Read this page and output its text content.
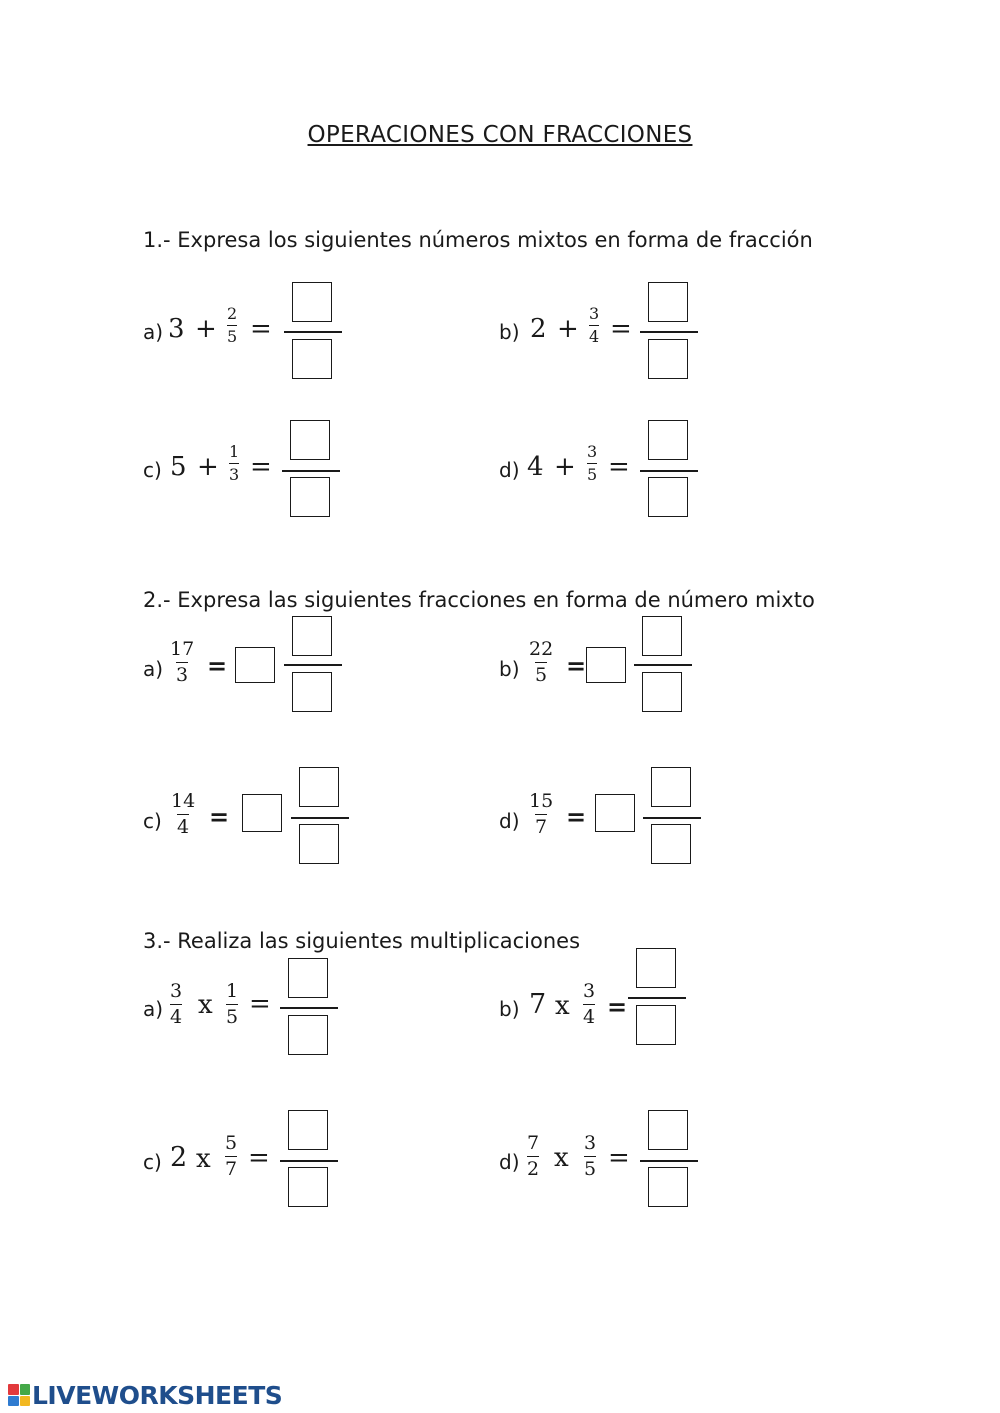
OPERACIONES CON FRACCIONES
1.- Expresa los siguientes números mixtos en forma de fracción
a) $3 + \frac{2}{5}$ =	b) $2 + \frac{3}{4}$ =
c) $5 + \frac{1}{3}$ =	d) $4 + \frac{3}{5}$ =
2.- Expresa las siguientes fracciones en forma de número mixto
$a) \frac{17}{3}$ =	$b) \frac{22}{5}$ =
$c) \frac{14}{4}$ =	$d) \frac{15}{7}$ =
3.- Realiza las siguientes multiplicaciones
$a) \frac{3}{4}$ x $\frac{1}{5}$ =	b) 7 x $\frac{3}{4}$ =
c) 2 x $\frac{5}{7}$ =	$d) \frac{7}{2}$ x $\frac{3}{5}$ =
LIVEWORKSHEETS
